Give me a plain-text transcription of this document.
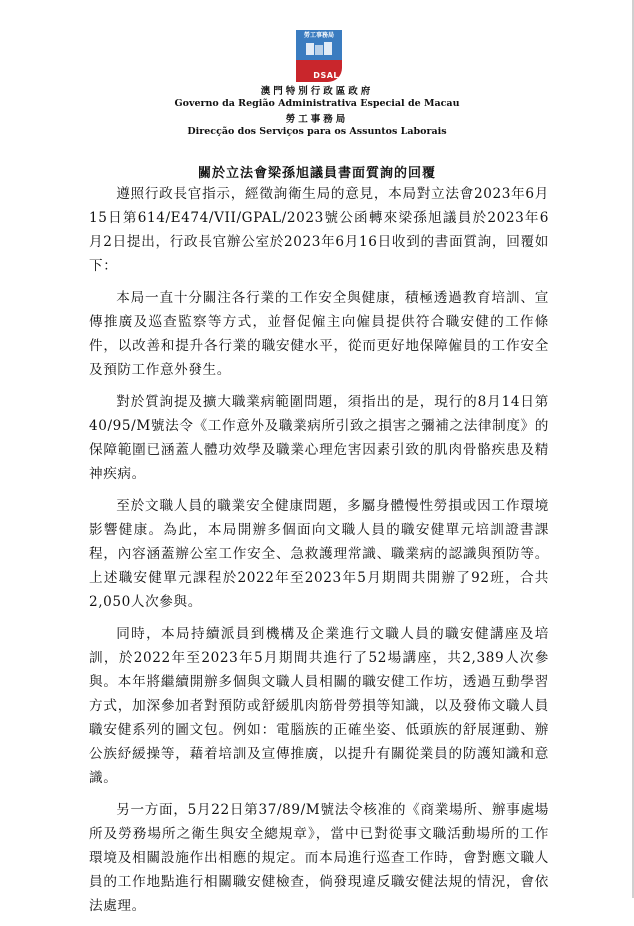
勞工事務局
DSAL
澳門特別行政區政府
Governo da Região Administrativa Especial de Macau
勞工事務局
Direcção dos Serviços para os Assuntos Laborais
關於立法會梁孫旭議員書面質詢的回覆

遵照行政長官指示，經徵詢衛生局的意見，本局對立法會2023年6月15日第614/E474/VII/GPAL/2023號公函轉來梁孫旭議員於2023年6月2日提出，行政長官辦公室於2023年6月16日收到的書面質詢，回覆如下：

本局一直十分關注各行業的工作安全與健康，積極透過教育培訓、宣傳推廣及巡查監察等方式，並督促僱主向僱員提供符合職安健的工作條件，以改善和提升各行業的職安健水平，從而更好地保障僱員的工作安全及預防工作意外發生。

對於質詢提及擴大職業病範圍問題，須指出的是，現行的8月14日第40/95/M號法令《工作意外及職業病所引致之損害之彌補之法律制度》的保障範圍已涵蓋人體功效學及職業心理危害因素引致的肌肉骨骼疾患及精神疾病。

至於文職人員的職業安全健康問題，多屬身體慢性勞損或因工作環境影響健康。為此，本局開辦多個面向文職人員的職安健單元培訓證書課程，內容涵蓋辦公室工作安全、急救護理常識、職業病的認識與預防等。上述職安健單元課程於2022年至2023年5月期間共開辦了92班，合共2,050人次參與。

同時，本局持續派員到機構及企業進行文職人員的職安健講座及培訓，於2022年至2023年5月期間共進行了52場講座，共2,389人次參與。本年將繼續開辦多個與文職人員相關的職安健工作坊，透過互動學習方式，加深參加者對預防或舒緩肌肉筋骨勞損等知識，以及發佈文職人員職安健系列的圖文包。例如：電腦族的正確坐姿、低頭族的舒展運動、辦公族紓緩操等，藉着培訓及宣傳推廣，以提升有關從業員的防護知識和意識。

另一方面，5月22日第37/89/M號法令核准的《商業場所、辦事處場所及勞務場所之衛生與安全總規章》，當中已對從事文職活動場所的工作環境及相關設施作出相應的規定。而本局進行巡查工作時，會對應文職人員的工作地點進行相關職安健檢查，倘發現違反職安健法規的情況，會依法處理。
